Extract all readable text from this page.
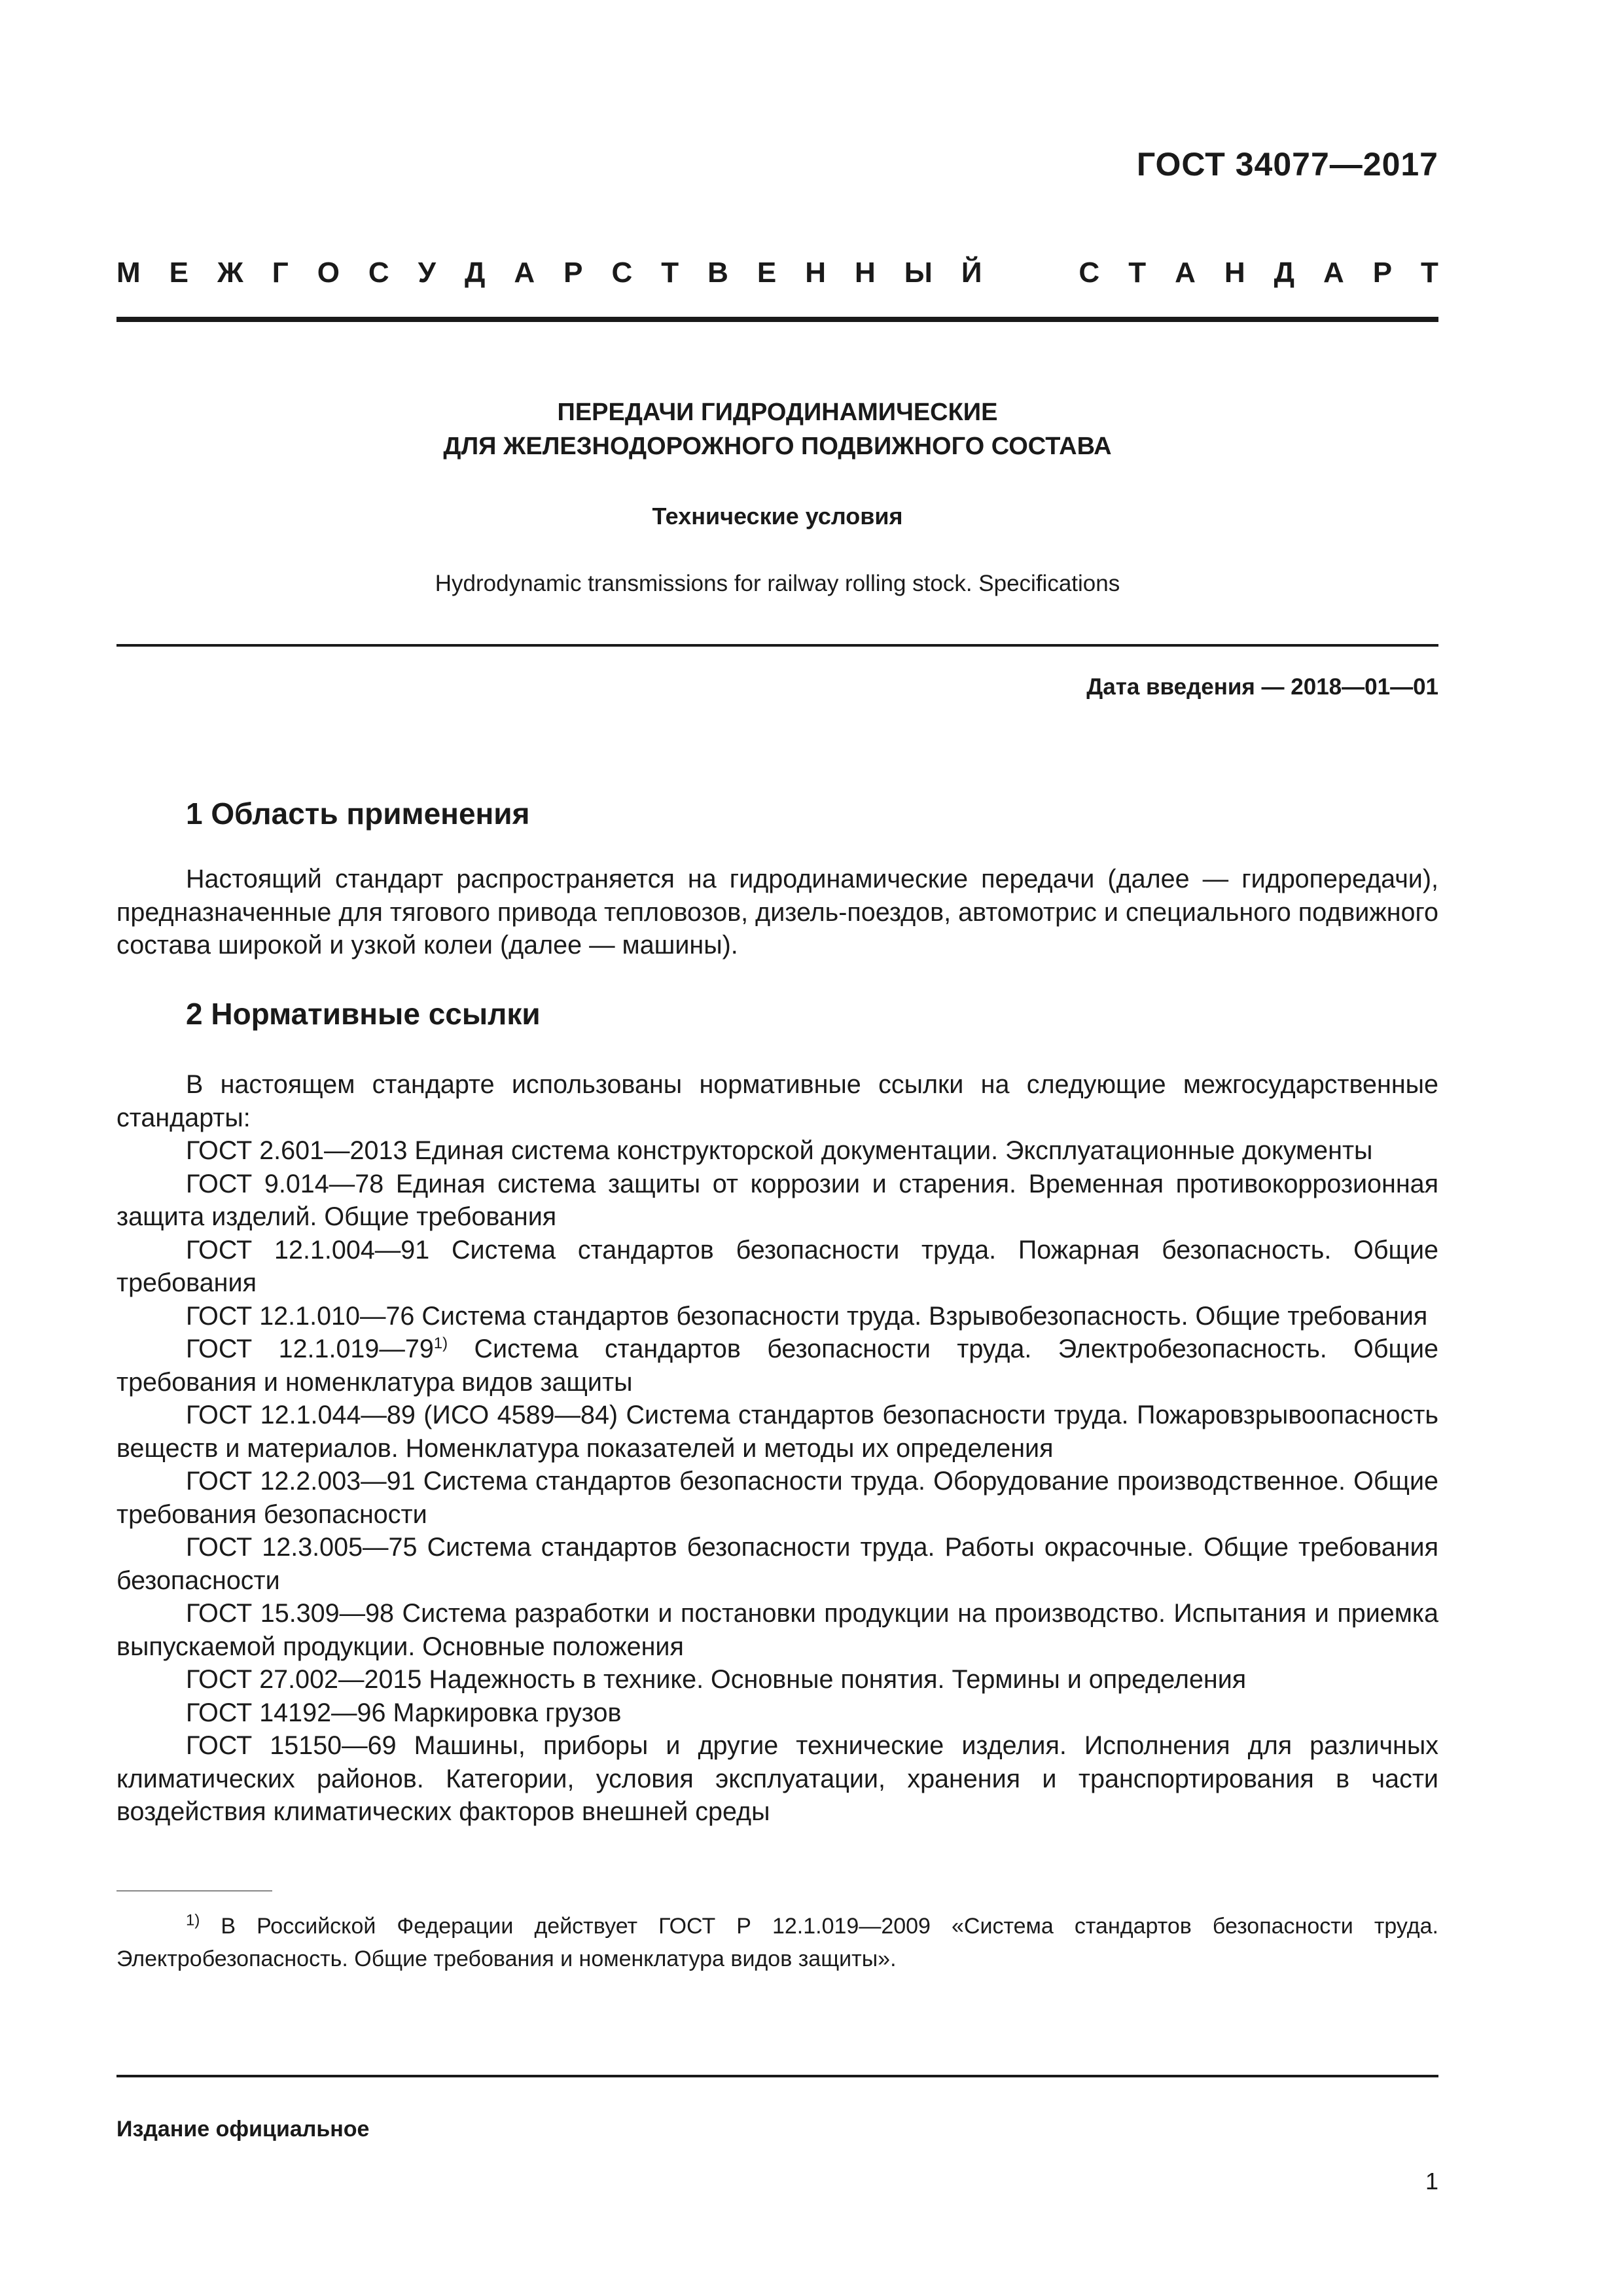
ГОСТ 34077—2017
М Е Ж Г О С У Д А Р С Т В Е Н Н Ы Й	С Т А Н Д А Р Т
ПЕРЕДАЧИ ГИДРОДИНАМИЧЕСКИЕ
ДЛЯ ЖЕЛЕЗНОДОРОЖНОГО ПОДВИЖНОГО СОСТАВА
Технические условия
Hydrodynamic transmissions for railway rolling stock. Specifications
Дата введения — 2018—01—01
1 Область применения
Настоящий стандарт распространяется на гидродинамические передачи (далее — гидропередачи), предназначенные для тягового привода тепловозов, дизель-поездов, автомотрис и специального подвижного состава широкой и узкой колеи (далее — машины).
2 Нормативные ссылки

В настоящем стандарте использованы нормативные ссылки на следующие межгосударственные стандарты:

ГОСТ 2.601—2013 Единая система конструкторской документации. Эксплуатационные документы

ГОСТ 9.014—78 Единая система защиты от коррозии и старения. Временная противокоррозионная защита изделий. Общие требования

ГОСТ 12.1.004—91 Система стандартов безопасности труда. Пожарная безопасность. Общие требования

ГОСТ 12.1.010—76 Система стандартов безопасности труда. Взрывобезопасность. Общие требования

ГОСТ 12.1.019—79$^{1)}$ Система стандартов безопасности труда. Электробезопасность. Общие требования и номенклатура видов защиты

ГОСТ 12.1.044—89 (ИСО 4589—84) Система стандартов безопасности труда. Пожаровзрывоопасность веществ и материалов. Номенклатура показателей и методы их определения

ГОСТ 12.2.003—91 Система стандартов безопасности труда. Оборудование производственное. Общие требования безопасности

ГОСТ 12.3.005—75 Система стандартов безопасности труда. Работы окрасочные. Общие требования безопасности

ГОСТ 15.309—98 Система разработки и постановки продукции на производство. Испытания и приемка выпускаемой продукции. Основные положения

ГОСТ 27.002—2015 Надежность в технике. Основные понятия. Термины и определения

ГОСТ 14192—96 Маркировка грузов

ГОСТ 15150—69 Машины, приборы и другие технические изделия. Исполнения для различных климатических районов. Категории, условия эксплуатации, хранения и транспортирования в части воздействия климатических факторов внешней среды

$^{1)}$ В Российской Федерации действует ГОСТ Р 12.1.019—2009 «Система стандартов безопасности труда. Электробезопасность. Общие требования и номенклатура видов защиты».
Издание официальное
1
